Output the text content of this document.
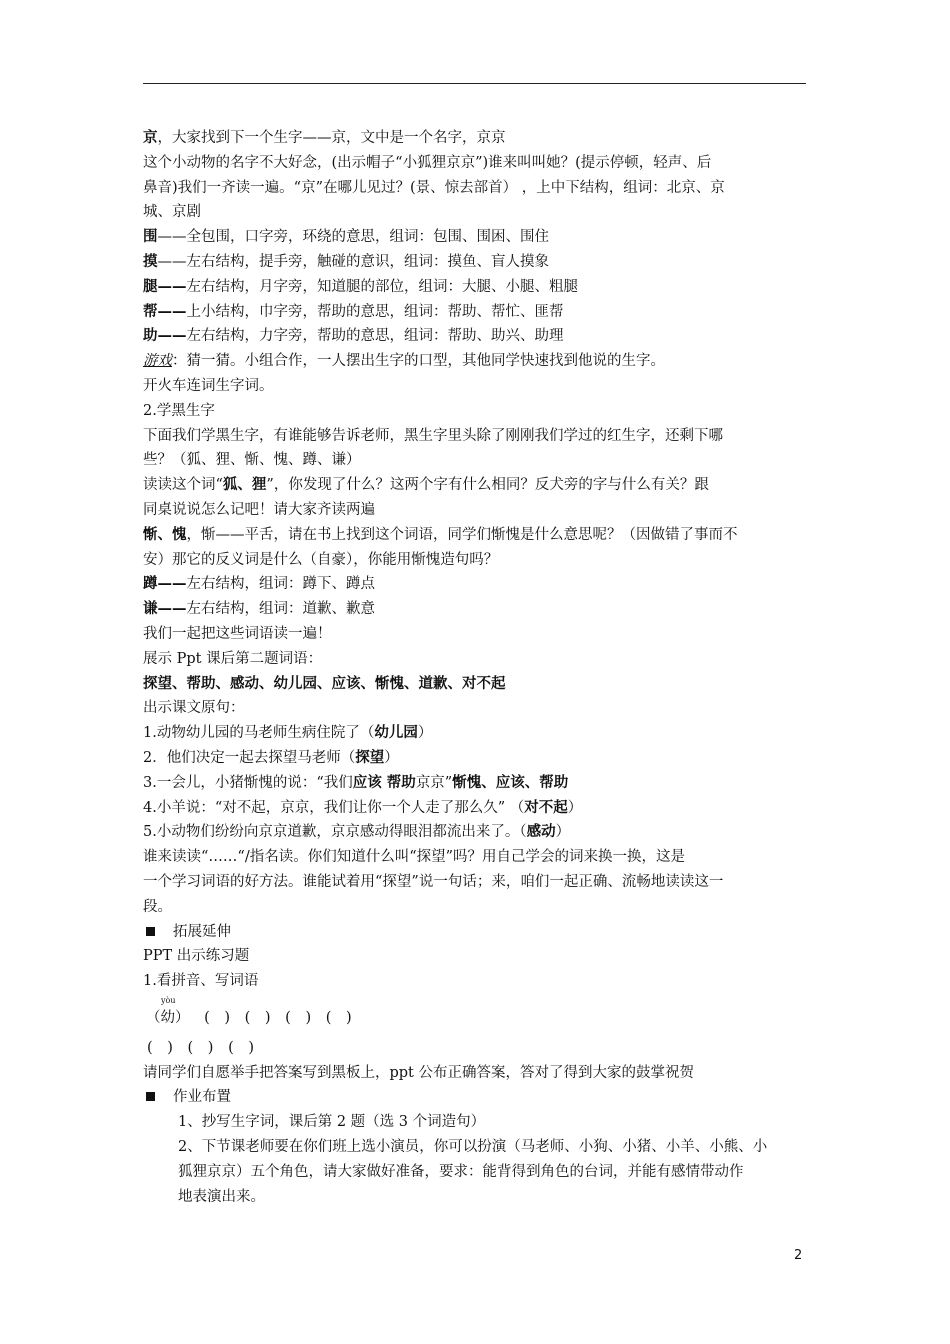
京，大家找到下一个生字——京，文中是一个名字，京京

这个小动物的名字不大好念，(出示帽子“小狐狸京京”)谁来叫叫她？(提示停顿，轻声、后

鼻音)我们一齐读一遍。“京”在哪儿见过？(景、惊去部首） ，上中下结构，组词：北京、京

城、京剧

围——全包围，口字旁，环绕的意思，组词：包围、围困、围住

摸——左右结构，提手旁，触碰的意识，组词：摸鱼、盲人摸象

腿——左右结构，月字旁，知道腿的部位，组词：大腿、小腿、粗腿

帮——上小结构，巾字旁，帮助的意思，组词：帮助、帮忙、匪帮

助——左右结构，力字旁，帮助的意思，组词：帮助、助兴、助理

游戏：猜一猜。小组合作，一人摆出生字的口型，其他同学快速找到他说的生字。

开火车连词生字词。

2.学黑生字

下面我们学黑生字，有谁能够告诉老师，黑生字里头除了刚刚我们学过的红生字，还剩下哪

些？（狐、狸、惭、愧、蹲、谦）

读读这个词“狐、狸”，你发现了什么？这两个字有什么相同？反犬旁的字与什么有关？跟

同桌说说怎么记吧！请大家齐读两遍

惭、愧，惭——平舌，请在书上找到这个词语，同学们惭愧是什么意思呢？（因做错了事而不

安）那它的反义词是什么（自豪），你能用惭愧造句吗？

蹲——左右结构，组词：蹲下、蹲点

谦——左右结构，组词：道歉、歉意

我们一起把这些词语读一遍！

展示 Ppt 课后第二题词语：

探望、帮助、感动、幼儿园、应该、惭愧、道歉、对不起

出示课文原句：

1.动物幼儿园的马老师生病住院了（幼儿园）

2．他们决定一起去探望马老师（探望）

3.一会儿，小猪惭愧的说：“我们应该 帮助京京”惭愧、应该、帮助

4.小羊说：“对不起，京京，我们让你一个人走了那么久” （对不起）

5.小动物们纷纷向京京道歉，京京感动得眼泪都流出来了。（感动）

谁来读读“……“/指名读。你们知道什么叫“探望”吗？用自己学会的词来换一换，这是

一个学习词语的好方法。谁能试着用“探望”说一句话；来，咱们一起正确、流畅地读读这一

段。

拓展延伸

PPT 出示练习题

1.看拼音、写词语

yòu
（幼） ( ) ( ) ( ) ( )

( ) ( ) ( )

请同学们自愿举手把答案写到黑板上，ppt 公布正确答案，答对了得到大家的鼓掌祝贺

作业布置

1、抄写生字词，课后第 2 题（选 3 个词造句）

2、下节课老师要在你们班上选小演员，你可以扮演（马老师、小狗、小猪、小羊、小熊、小

狐狸京京）五个角色，请大家做好准备，要求：能背得到角色的台词，并能有感情带动作

地表演出来。

2
